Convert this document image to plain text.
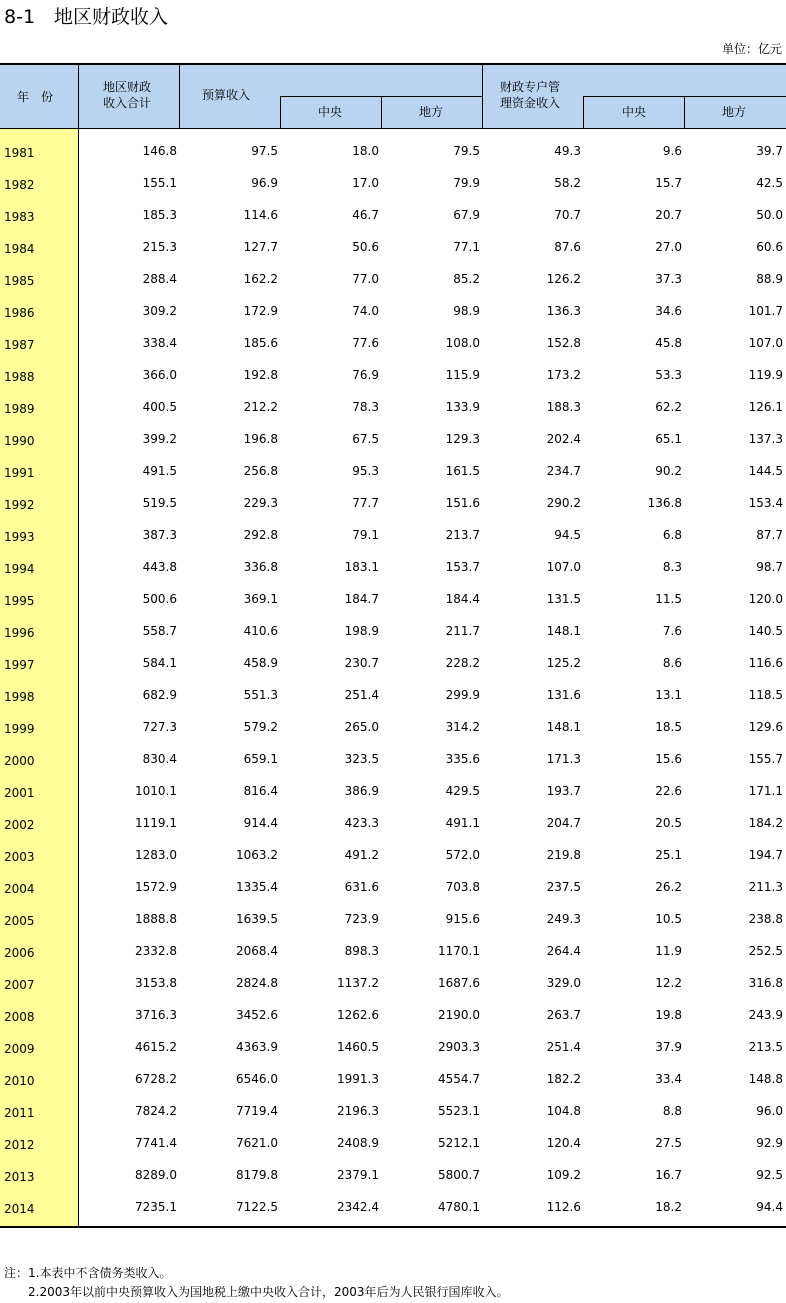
8-1　地区财政收入
单位：亿元
年　份
地区财政
收入合计
预算收入
中央	地方
财政专户管
理资金收入
中央	地方
1981	146.8	97.5	18.0	79.5	49.3	9.6	39.7
1982	155.1	96.9	17.0	79.9	58.2	15.7	42.5
1983	185.3	114.6	46.7	67.9	70.7	20.7	50.0
1984	215.3	127.7	50.6	77.1	87.6	27.0	60.6
1985	288.4	162.2	77.0	85.2	126.2	37.3	88.9
1986	309.2	172.9	74.0	98.9	136.3	34.6	101.7
1987	338.4	185.6	77.6	108.0	152.8	45.8	107.0
1988	366.0	192.8	76.9	115.9	173.2	53.3	119.9
1989	400.5	212.2	78.3	133.9	188.3	62.2	126.1
1990	399.2	196.8	67.5	129.3	202.4	65.1	137.3
1991	491.5	256.8	95.3	161.5	234.7	90.2	144.5
1992	519.5	229.3	77.7	151.6	290.2	136.8	153.4
1993	387.3	292.8	79.1	213.7	94.5	6.8	87.7
1994	443.8	336.8	183.1	153.7	107.0	8.3	98.7
1995	500.6	369.1	184.7	184.4	131.5	11.5	120.0
1996	558.7	410.6	198.9	211.7	148.1	7.6	140.5
1997	584.1	458.9	230.7	228.2	125.2	8.6	116.6
1998	682.9	551.3	251.4	299.9	131.6	13.1	118.5
1999	727.3	579.2	265.0	314.2	148.1	18.5	129.6
2000	830.4	659.1	323.5	335.6	171.3	15.6	155.7
2001	1010.1	816.4	386.9	429.5	193.7	22.6	171.1
2002	1119.1	914.4	423.3	491.1	204.7	20.5	184.2
2003	1283.0	1063.2	491.2	572.0	219.8	25.1	194.7
2004	1572.9	1335.4	631.6	703.8	237.5	26.2	211.3
2005	1888.8	1639.5	723.9	915.6	249.3	10.5	238.8
2006	2332.8	2068.4	898.3	1170.1	264.4	11.9	252.5
2007	3153.8	2824.8	1137.2	1687.6	329.0	12.2	316.8
2008	3716.3	3452.6	1262.6	2190.0	263.7	19.8	243.9
2009	4615.2	4363.9	1460.5	2903.3	251.4	37.9	213.5
2010	6728.2	6546.0	1991.3	4554.7	182.2	33.4	148.8
2011	7824.2	7719.4	2196.3	5523.1	104.8	8.8	96.0
2012	7741.4	7621.0	2408.9	5212.1	120.4	27.5	92.9
2013	8289.0	8179.8	2379.1	5800.7	109.2	16.7	92.5
2014	7235.1	7122.5	2342.4	4780.1	112.6	18.2	94.4
注：1.本表中不含债务类收入。
　　2.2003年以前中央预算收入为国地税上缴中央收入合计，2003年后为人民银行国库收入。
